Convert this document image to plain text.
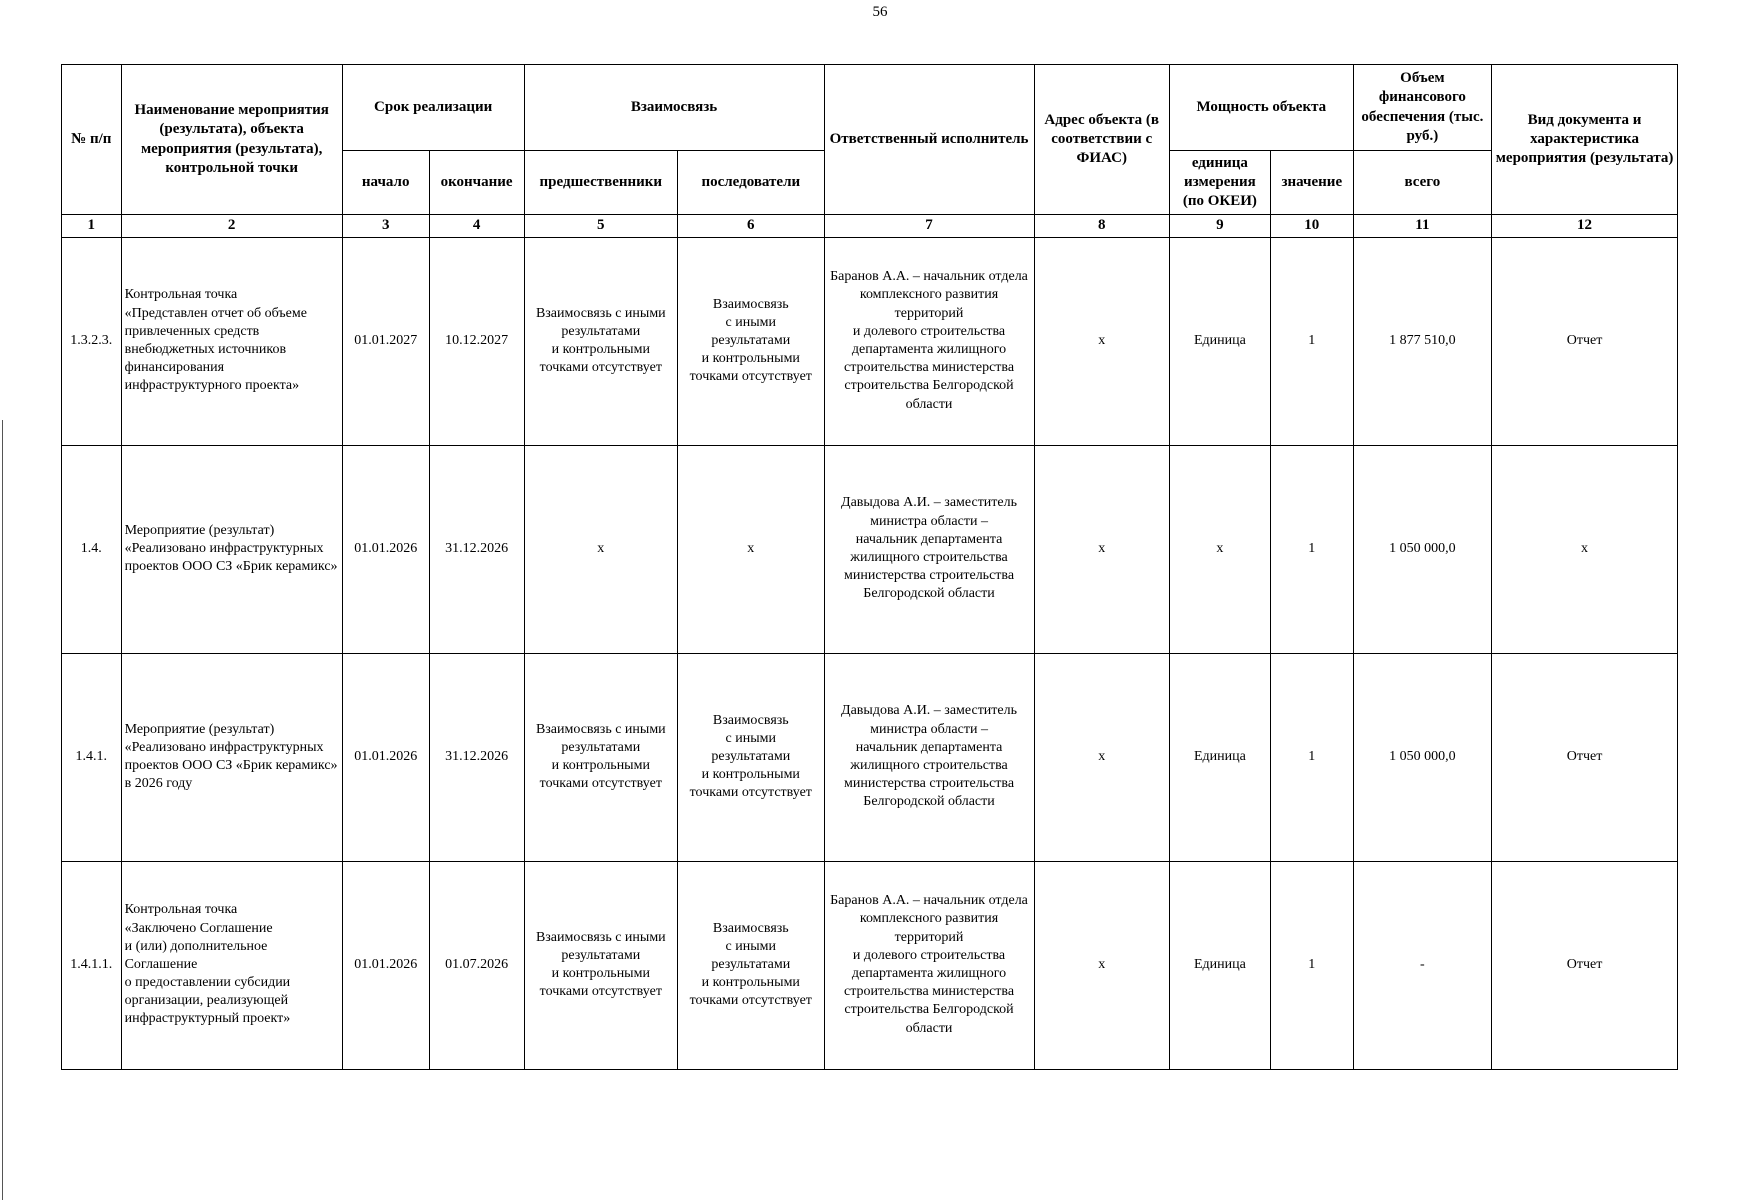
56
№ п/п	Наименование мероприятия (результата), объекта мероприятия (результата), контрольной точки	Срок реализации		Взаимосвязь		Ответственный исполнитель	Адрес объекта (в соответствии с ФИАС)	Мощность объекта		Объем финансового обеспечения (тыс. руб.)	Вид документа и характеристика мероприятия (результата)
		начало	окончание	предшественники	последователи			единица измерения (по ОКЕИ)	значение	всего	
1	2	3	4	5	6	7	8	9	10	11	12
1.3.2.3.	Контрольная точка
«Представлен отчет об объеме привлеченных средств внебюджетных источников финансирования инфраструктурного проекта»	01.01.2027	10.12.2027	Взаимосвязь с иными результатами
и контрольными точками отсутствует	Взаимосвязь
с иными
результатами
и контрольными точками отсутствует	Баранов А.А. – начальник отдела комплексного развития территорий
и долевого строительства департамента жилищного строительства министерства строительства Белгородской области	х	Единица	1	1 877 510,0	Отчет
1.4.	Мероприятие (результат)
«Реализовано инфраструктурных проектов ООО СЗ «Брик керамикс»	01.01.2026	31.12.2026	х	х	Давыдова А.И. – заместитель министра области –
начальник департамента жилищного строительства министерства строительства Белгородской области	х	х	1	1 050 000,0	х
1.4.1.	Мероприятие (результат)
«Реализовано инфраструктурных проектов ООО СЗ «Брик керамикс»
в 2026 году	01.01.2026	31.12.2026	Взаимосвязь с иными результатами
и контрольными точками отсутствует	Взаимосвязь
с иными
результатами
и контрольными точками отсутствует	Давыдова А.И. – заместитель министра области –
начальник департамента жилищного строительства министерства строительства Белгородской области	х	Единица	1	1 050 000,0	Отчет
1.4.1.1.	Контрольная точка
«Заключено Соглашение
и (или) дополнительное Соглашение
о предоставлении субсидии организации, реализующей инфраструктурный проект»	01.01.2026	01.07.2026	Взаимосвязь с иными результатами
и контрольными точками отсутствует	Взаимосвязь
с иными
результатами
и контрольными точками отсутствует	Баранов А.А. – начальник отдела комплексного развития территорий
и долевого строительства департамента жилищного строительства министерства строительства Белгородской области	х	Единица	1	-	Отчет
